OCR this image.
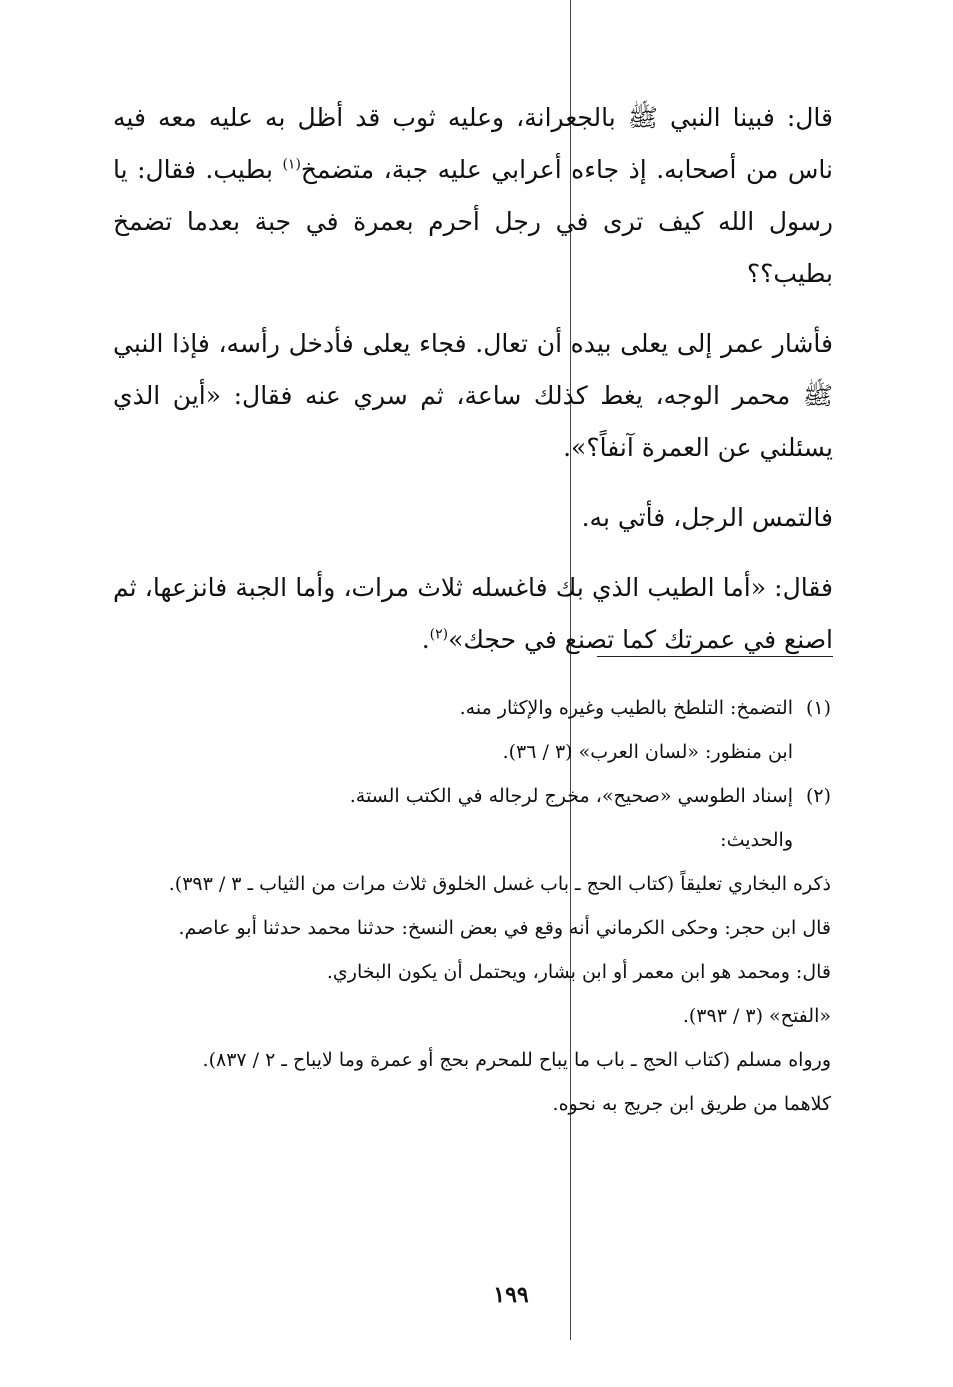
قال: فبينا النبي ﷺ بالجعرانة، وعليه ثوب قد أظل به عليه معه فيه ناس من أصحابه. إذ جاءه أعرابي عليه جبة، متضمخ$^{(١)}$ بطيب. فقال: يا رسول الله كيف ترى في رجل أحرم بعمرة في جبة بعدما تضمخ بطيب؟؟

فأشار عمر إلى يعلى بيده أن تعال. فجاء يعلى فأدخل رأسه، فإذا النبي ﷺ محمر الوجه، يغط كذلك ساعة، ثم سري عنه فقال: «أين الذي يسئلني عن العمرة آنفاً؟».

فالتمس الرجل، فأتي به.

فقال: «أما الطيب الذي بك فاغسله ثلاث مرات، وأما الجبة فانزعها، ثم اصنع في عمرتك كما تصنع في حجك»$^{(٢)}$.

(١)التضمخ: التلطخ بالطيب وغيره والإكثار منه.

ابن منظور: «لسان العرب» (٣ / ٣٦).

(٢)إسناد الطوسي «صحيح»، مخرج لرجاله في الكتب الستة.

والحديث:

ذكره البخاري تعليقاً (كتاب الحج ـ باب غسل الخلوق ثلاث مرات من الثياب ـ ٣ / ٣٩٣).

قال ابن حجر: وحكى الكرماني أنه وقع في بعض النسخ: حدثنا محمد حدثنا أبو عاصم.

قال: ومحمد هو ابن معمر أو ابن بشار، ويحتمل أن يكون البخاري.

«الفتح» (٣ / ٣٩٣).

ورواه مسلم (كتاب الحج ـ باب ما يباح للمحرم بحج أو عمرة وما لايباح ـ ٢ / ٨٣٧).

كلاهما من طريق ابن جريج به نحوه.

١٩٩
